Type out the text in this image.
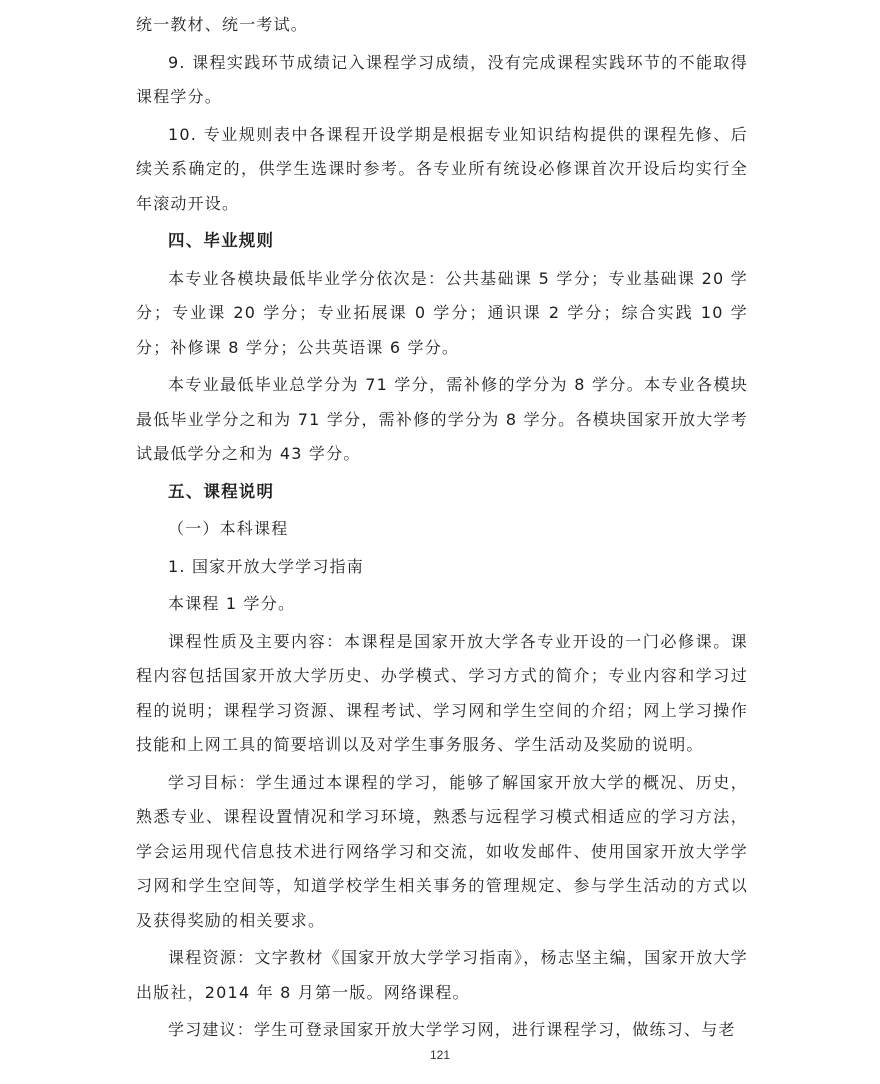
统一教材、统一考试。

9. 课程实践环节成绩记入课程学习成绩，没有完成课程实践环节的不能取得课程学分。

10. 专业规则表中各课程开设学期是根据专业知识结构提供的课程先修、后续关系确定的，供学生选课时参考。各专业所有统设必修课首次开设后均实行全年滚动开设。

四、毕业规则

本专业各模块最低毕业学分依次是：公共基础课 5 学分；专业基础课 20 学分；专业课 20 学分；专业拓展课 0 学分；通识课 2 学分；综合实践 10 学分；补修课 8 学分；公共英语课 6 学分。

本专业最低毕业总学分为 71 学分，需补修的学分为 8 学分。本专业各模块最低毕业学分之和为 71 学分，需补修的学分为 8 学分。各模块国家开放大学考试最低学分之和为 43 学分。

五、课程说明

（一）本科课程

1. 国家开放大学学习指南

本课程 1 学分。

课程性质及主要内容：本课程是国家开放大学各专业开设的一门必修课。课程内容包括国家开放大学历史、办学模式、学习方式的简介；专业内容和学习过程的说明；课程学习资源、课程考试、学习网和学生空间的介绍；网上学习操作技能和上网工具的简要培训以及对学生事务服务、学生活动及奖励的说明。

学习目标：学生通过本课程的学习，能够了解国家开放大学的概况、历史，熟悉专业、课程设置情况和学习环境，熟悉与远程学习模式相适应的学习方法，学会运用现代信息技术进行网络学习和交流，如收发邮件、使用国家开放大学学习网和学生空间等，知道学校学生相关事务的管理规定、参与学生活动的方式以及获得奖励的相关要求。

课程资源：文字教材《国家开放大学学习指南》，杨志坚主编，国家开放大学出版社，2014 年 8 月第一版。网络课程。

学习建议：学生可登录国家开放大学学习网，进行课程学习，做练习、与老

121
